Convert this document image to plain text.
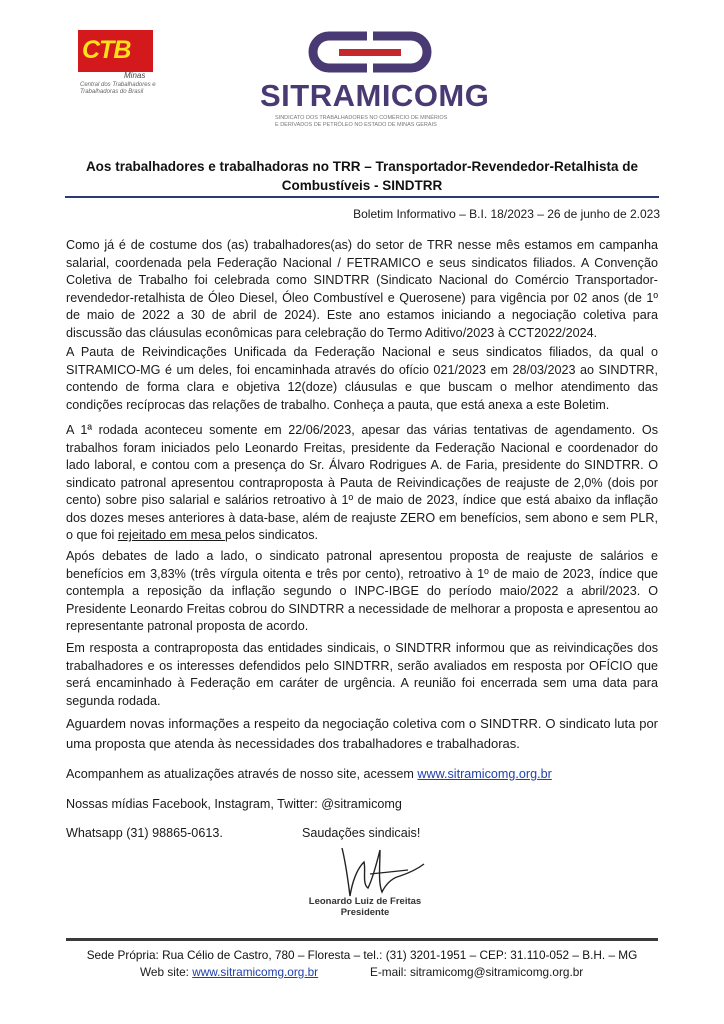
CTB
Minas
Central dos Trabalhadores e Trabalhadoras do Brasil	SITRAMICOMG
SINDICATO DOS TRABALHADORES NO COMÉRCIO DE MINÉRIOS
E DERIVADOS DE PETRÓLEO NO ESTADO DE MINAS GERAIS
Aos trabalhadores e trabalhadoras no TRR – Transportador-Revendedor-Retalhista de Combustíveis - SINDTRR
Boletim Informativo – B.I. 18/2023 – 26 de junho de 2.023
Como já é de costume dos (as) trabalhadores(as) do setor de TRR nesse mês estamos em campanha salarial, coordenada pela Federação Nacional / FETRAMICO e seus sindicatos filiados. A Convenção Coletiva de Trabalho foi celebrada como SINDTRR (Sindicato Nacional do Comércio Transportador-revendedor-retalhista de Óleo Diesel, Óleo Combustível e Querosene) para vigência por 02 anos (de 1º de maio de 2022 a 30 de abril de 2024). Este ano estamos iniciando a negociação coletiva para discussão das cláusulas econômicas para celebração do Termo Aditivo/2023 à CCT2022/2024.
A Pauta de Reivindicações Unificada da Federação Nacional e seus sindicatos filiados, da qual o SITRAMICO-MG é um deles, foi encaminhada através do ofício 021/2023 em 28/03/2023 ao SINDTRR, contendo de forma clara e objetiva 12(doze) cláusulas e que buscam o melhor atendimento das condições recíprocas das relações de trabalho. Conheça a pauta, que está anexa a este Boletim.
A 1ª rodada aconteceu somente em 22/06/2023, apesar das várias tentativas de agendamento. Os trabalhos foram iniciados pelo Leonardo Freitas, presidente da Federação Nacional e coordenador do lado laboral, e contou com a presença do Sr. Álvaro Rodrigues A. de Faria, presidente do SINDTRR. O sindicato patronal apresentou contraproposta à Pauta de Reivindicações de reajuste de 2,0% (dois por cento) sobre piso salarial e salários retroativo à 1º de maio de 2023, índice que está abaixo da inflação dos dozes meses anteriores à data-base, além de reajuste ZERO em benefícios, sem abono e sem PLR, o que foi rejeitado em mesa pelos sindicatos.
Após debates de lado a lado, o sindicato patronal apresentou proposta de reajuste de salários e benefícios em 3,83% (três vírgula oitenta e três por cento), retroativo à 1º de maio de 2023, índice que contempla a reposição da inflação segundo o INPC-IBGE do período maio/2022 a abril/2023. O Presidente Leonardo Freitas cobrou do SINDTRR a necessidade de melhorar a proposta e apresentou ao representante patronal proposta de acordo.
Em resposta a contraproposta das entidades sindicais, o SINDTRR informou que as reivindicações dos trabalhadores e os interesses defendidos pelo SINDTRR, serão avaliados em resposta por OFÍCIO que será encaminhado à Federação em caráter de urgência. A reunião foi encerrada sem uma data para segunda rodada.
Aguardem novas informações a respeito da negociação coletiva com o SINDTRR. O sindicato luta por uma proposta que atenda às necessidades dos trabalhadores e trabalhadoras.
Acompanhem as atualizações através de nosso site, acessem www.sitramicomg.org.br
Nossas mídias Facebook, Instagram, Twitter: @sitramicomg
Whatsapp (31) 98865-0613.	Saudações sindicais!
Leonardo Luiz de Freitas
Presidente
Sede Própria: Rua Célio de Castro, 780 – Floresta – tel.: (31) 3201-1951 – CEP: 31.110-052 – B.H. – MG
Web site: www.sitramicomg.org.br	E-mail: sitramicomg@sitramicomg.org.br
